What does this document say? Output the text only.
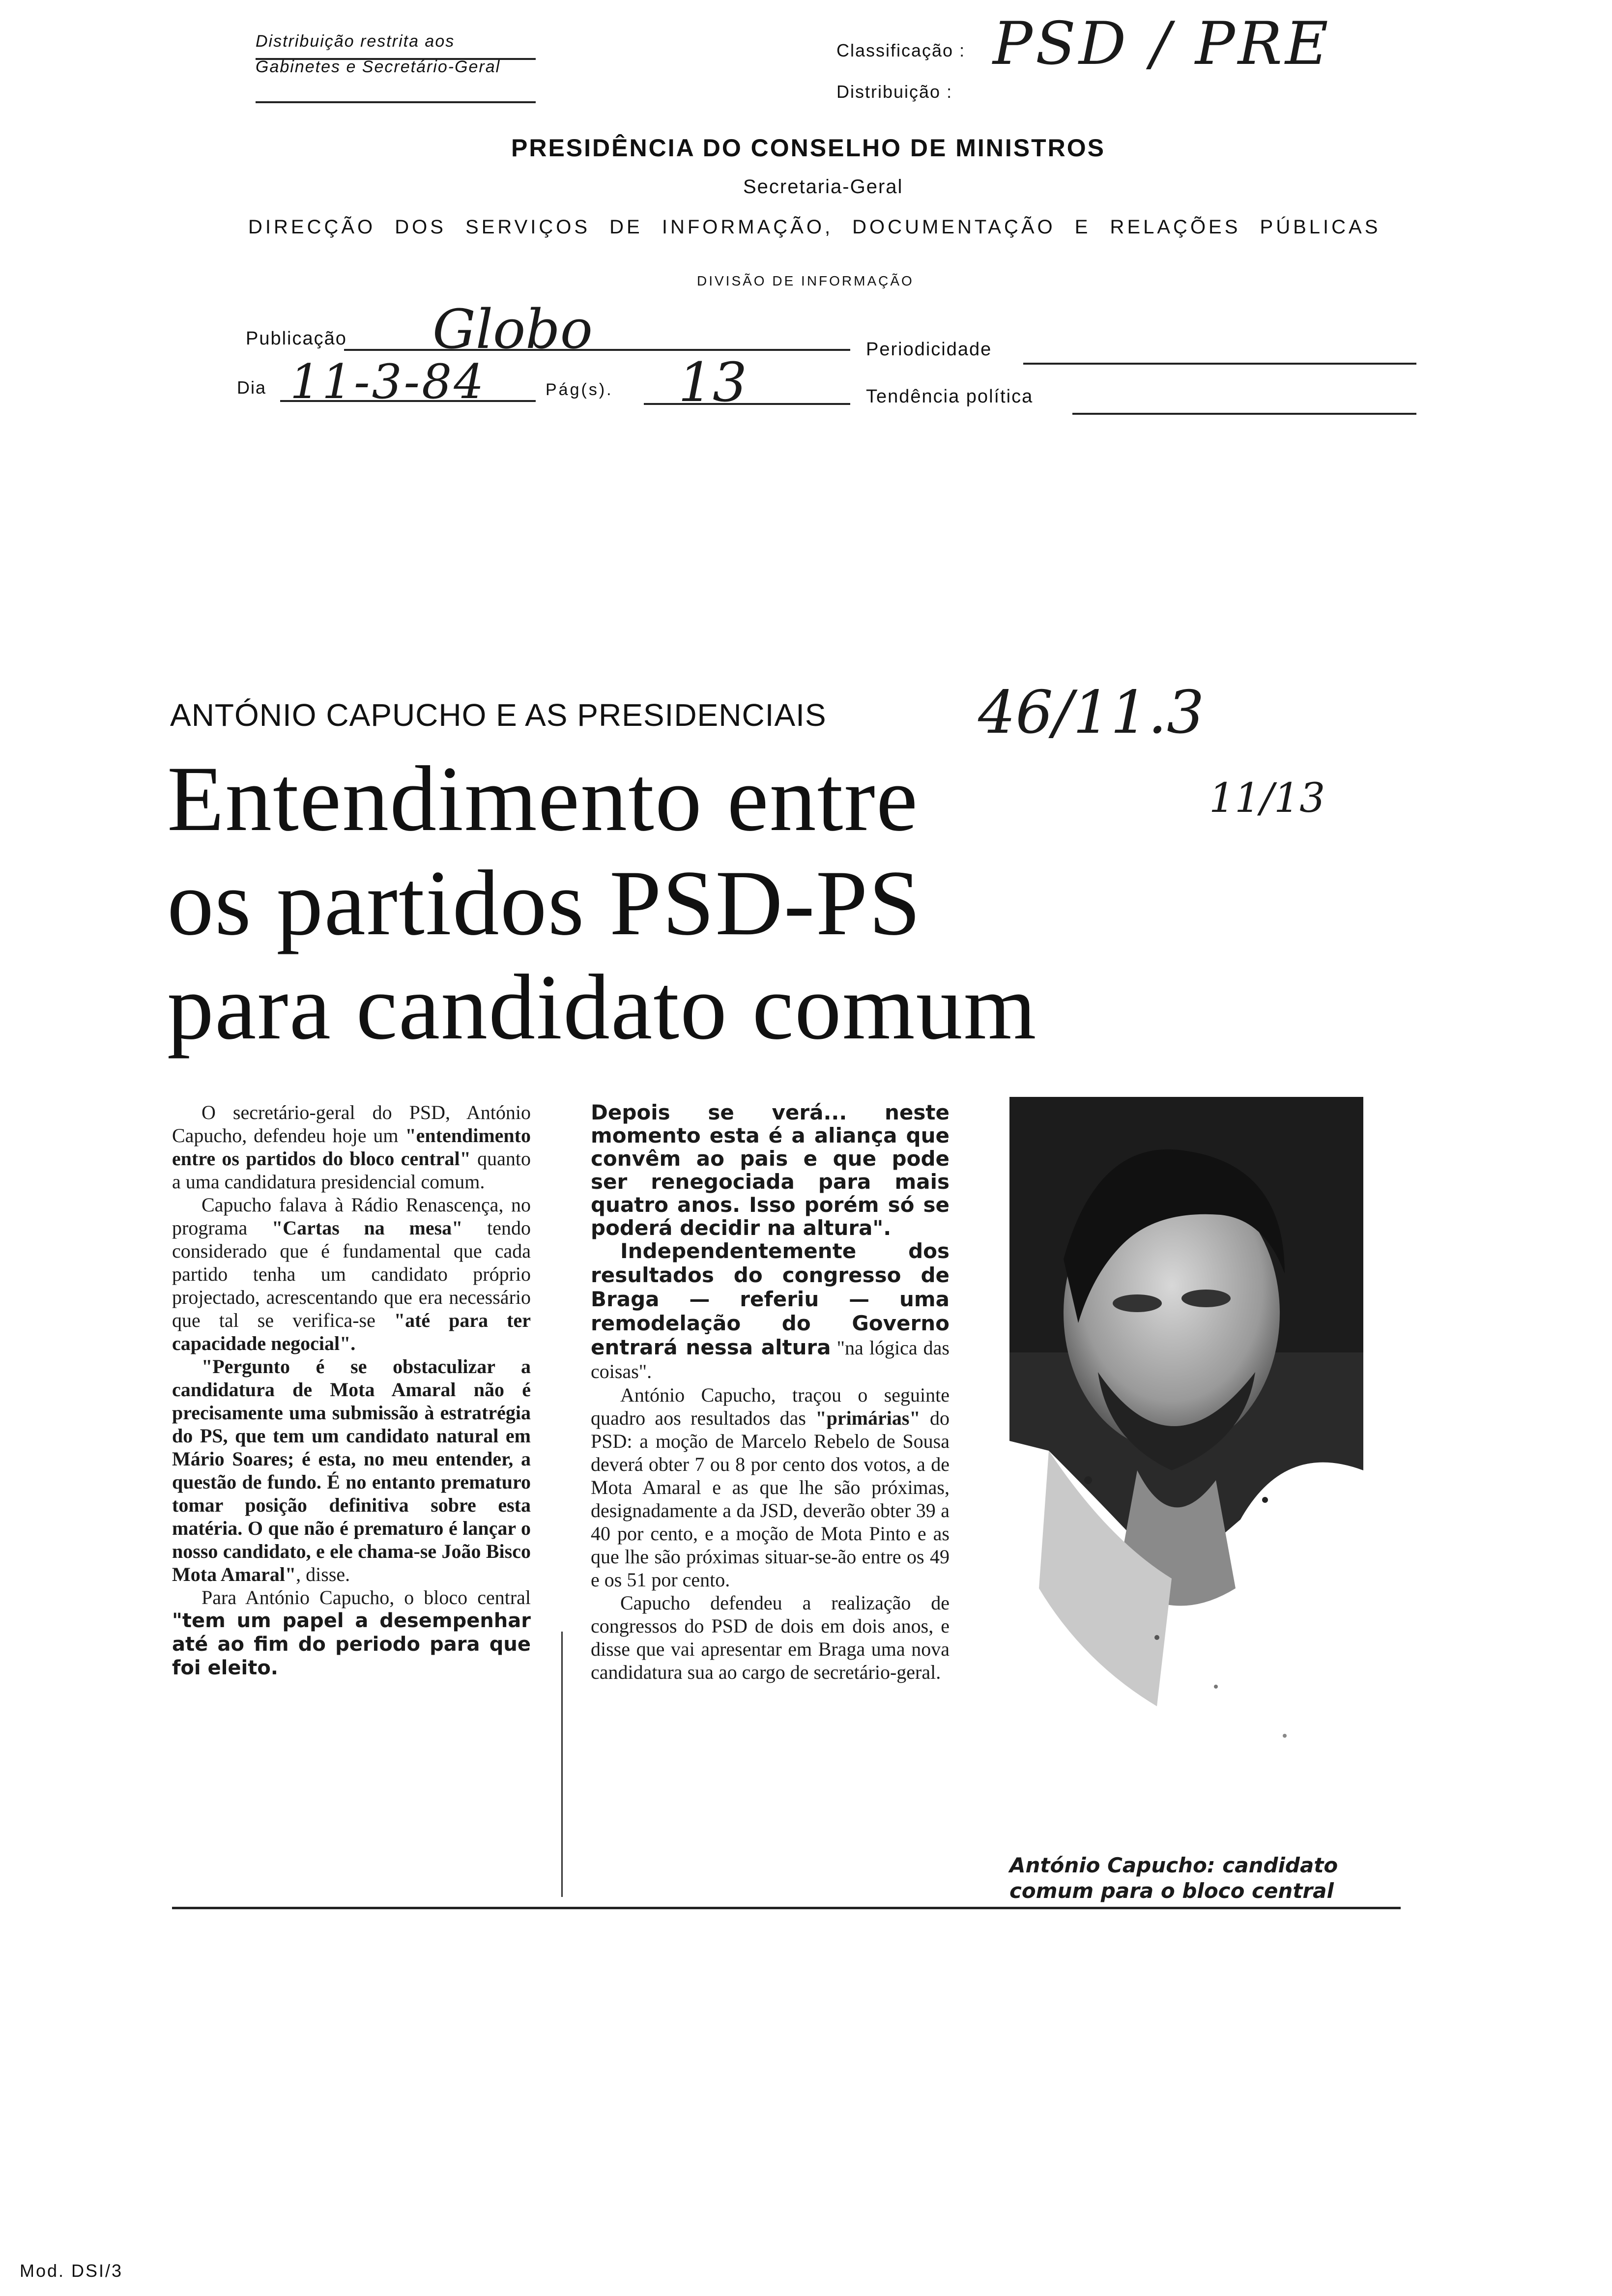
Distribuição restrita aos
Gabinetes e Secretário-Geral
Classificação : PSD / PRE
Distribuição :
PRESIDÊNCIA DO CONSELHO DE MINISTROS
Secretaria-Geral
DIRECÇÃO DOS SERVIÇOS DE INFORMAÇÃO, DOCUMENTAÇÃO E RELAÇÕES PÚBLICAS
DIVISÃO DE INFORMAÇÃO
Publicação Globo	Periodicidade
Dia 11-3-84	Pág(s). 13	Tendência política
ANTÓNIO CAPUCHO E AS PRESIDENCIAIS	46/11.3
11/13
Entendimento entre
os partidos PSD-PS
para candidato comum

O secretário-geral do PSD, António Capucho, defendeu hoje um "entendimento entre os partidos do bloco central" quanto a uma candidatura presidencial comum.

Capucho falava à Rádio Renascença, no programa "Cartas na mesa" tendo considerado que é fundamental que cada partido tenha um candidato próprio projectado, acrescentando que era necessário que tal se verifica-se "até para ter capacidade negocial".

"Pergunto é se obstaculizar a candidatura de Mota Amaral não é precisamente uma submissão à estratrégia do PS, que tem um candidato natural em Mário Soares; é esta, no meu entender, a questão de fundo. É no entanto prematuro tomar posição definitiva sobre esta matéria. O que não é prematuro é lançar o nosso candidato, e ele chama-se João Bisco Mota Amaral", disse.

Para António Capucho, o bloco central "tem um papel a desempenhar até ao fim do periodo para que foi eleito.

Depois se verá... neste momento esta é a aliança que convêm ao pais e que pode ser renegociada para mais quatro anos. Isso porém só se poderá decidir na altura".

Independentemente dos resultados do congresso de Braga — referiu — uma remodelação do Governo entrará nessa altura "na lógica das coisas".

António Capucho, traçou o seguinte quadro aos resultados das "primárias" do PSD: a moção de Marcelo Rebelo de Sousa deverá obter 7 ou 8 por cento dos votos, a de Mota Amaral e as que lhe são próximas, designadamente a da JSD, deverão obter 39 a 40 por cento, e a moção de Mota Pinto e as que lhe são próximas situar-se-ão entre os 49 e os 51 por cento.

Capucho defendeu a realização de congressos do PSD de dois em dois anos, e disse que vai apresentar em Braga uma nova candidatura sua ao cargo de secretário-geral.

António Capucho: candidato
comum para o bloco central
Mod. DSI/3
